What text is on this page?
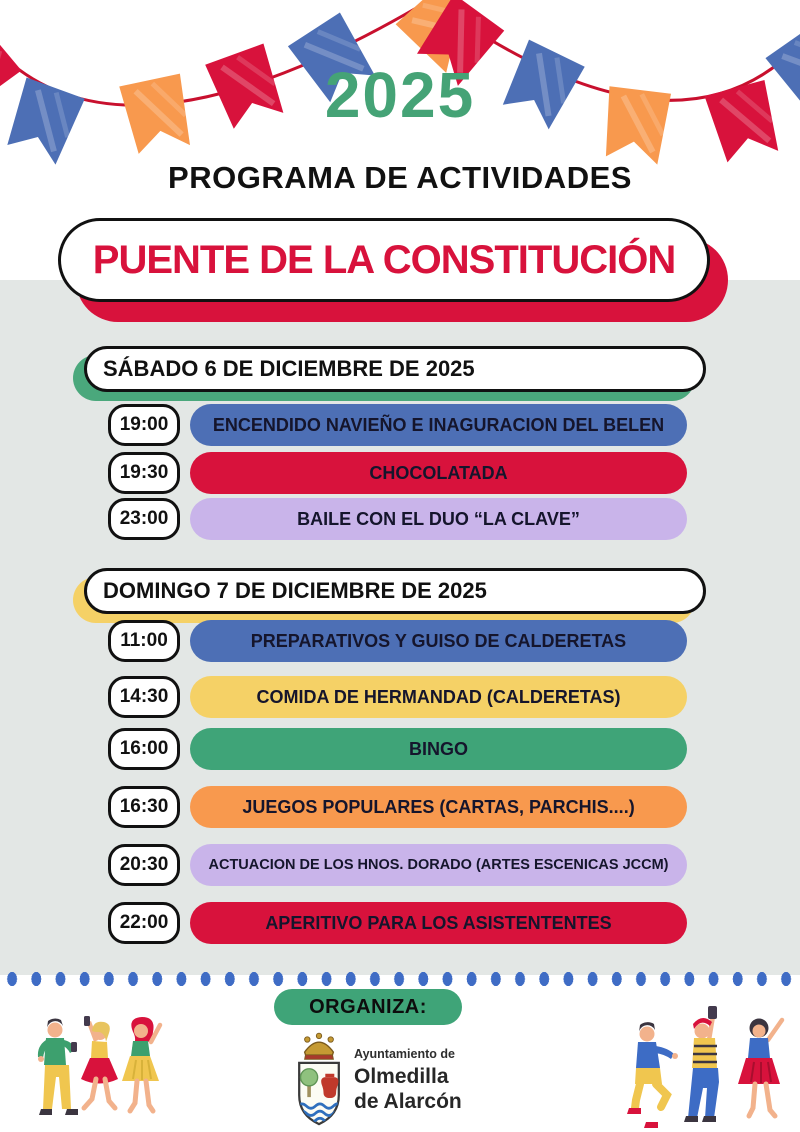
2025
PROGRAMA DE ACTIVIDADES
PUENTE DE LA CONSTITUCIÓN
SÁBADO 6 DE DICIEMBRE DE 2025
19:00	ENCENDIDO NAVIEÑO E INAGURACION DEL BELEN
19:30	CHOCOLATADA
23:00	BAILE CON EL DUO “LA CLAVE”
DOMINGO 7 DE DICIEMBRE DE 2025
11:00	PREPARATIVOS Y GUISO DE CALDERETAS
14:30	COMIDA DE HERMANDAD (CALDERETAS)
16:00	BINGO
16:30	JUEGOS POPULARES (CARTAS, PARCHIS....)
20:30	ACTUACION DE LOS HNOS. DORADO (ARTES ESCENICAS JCCM)
22:00	APERITIVO PARA LOS ASISTENTENTES
ORGANIZA:
Ayuntamiento de
Olmedilla
de Alarcón
